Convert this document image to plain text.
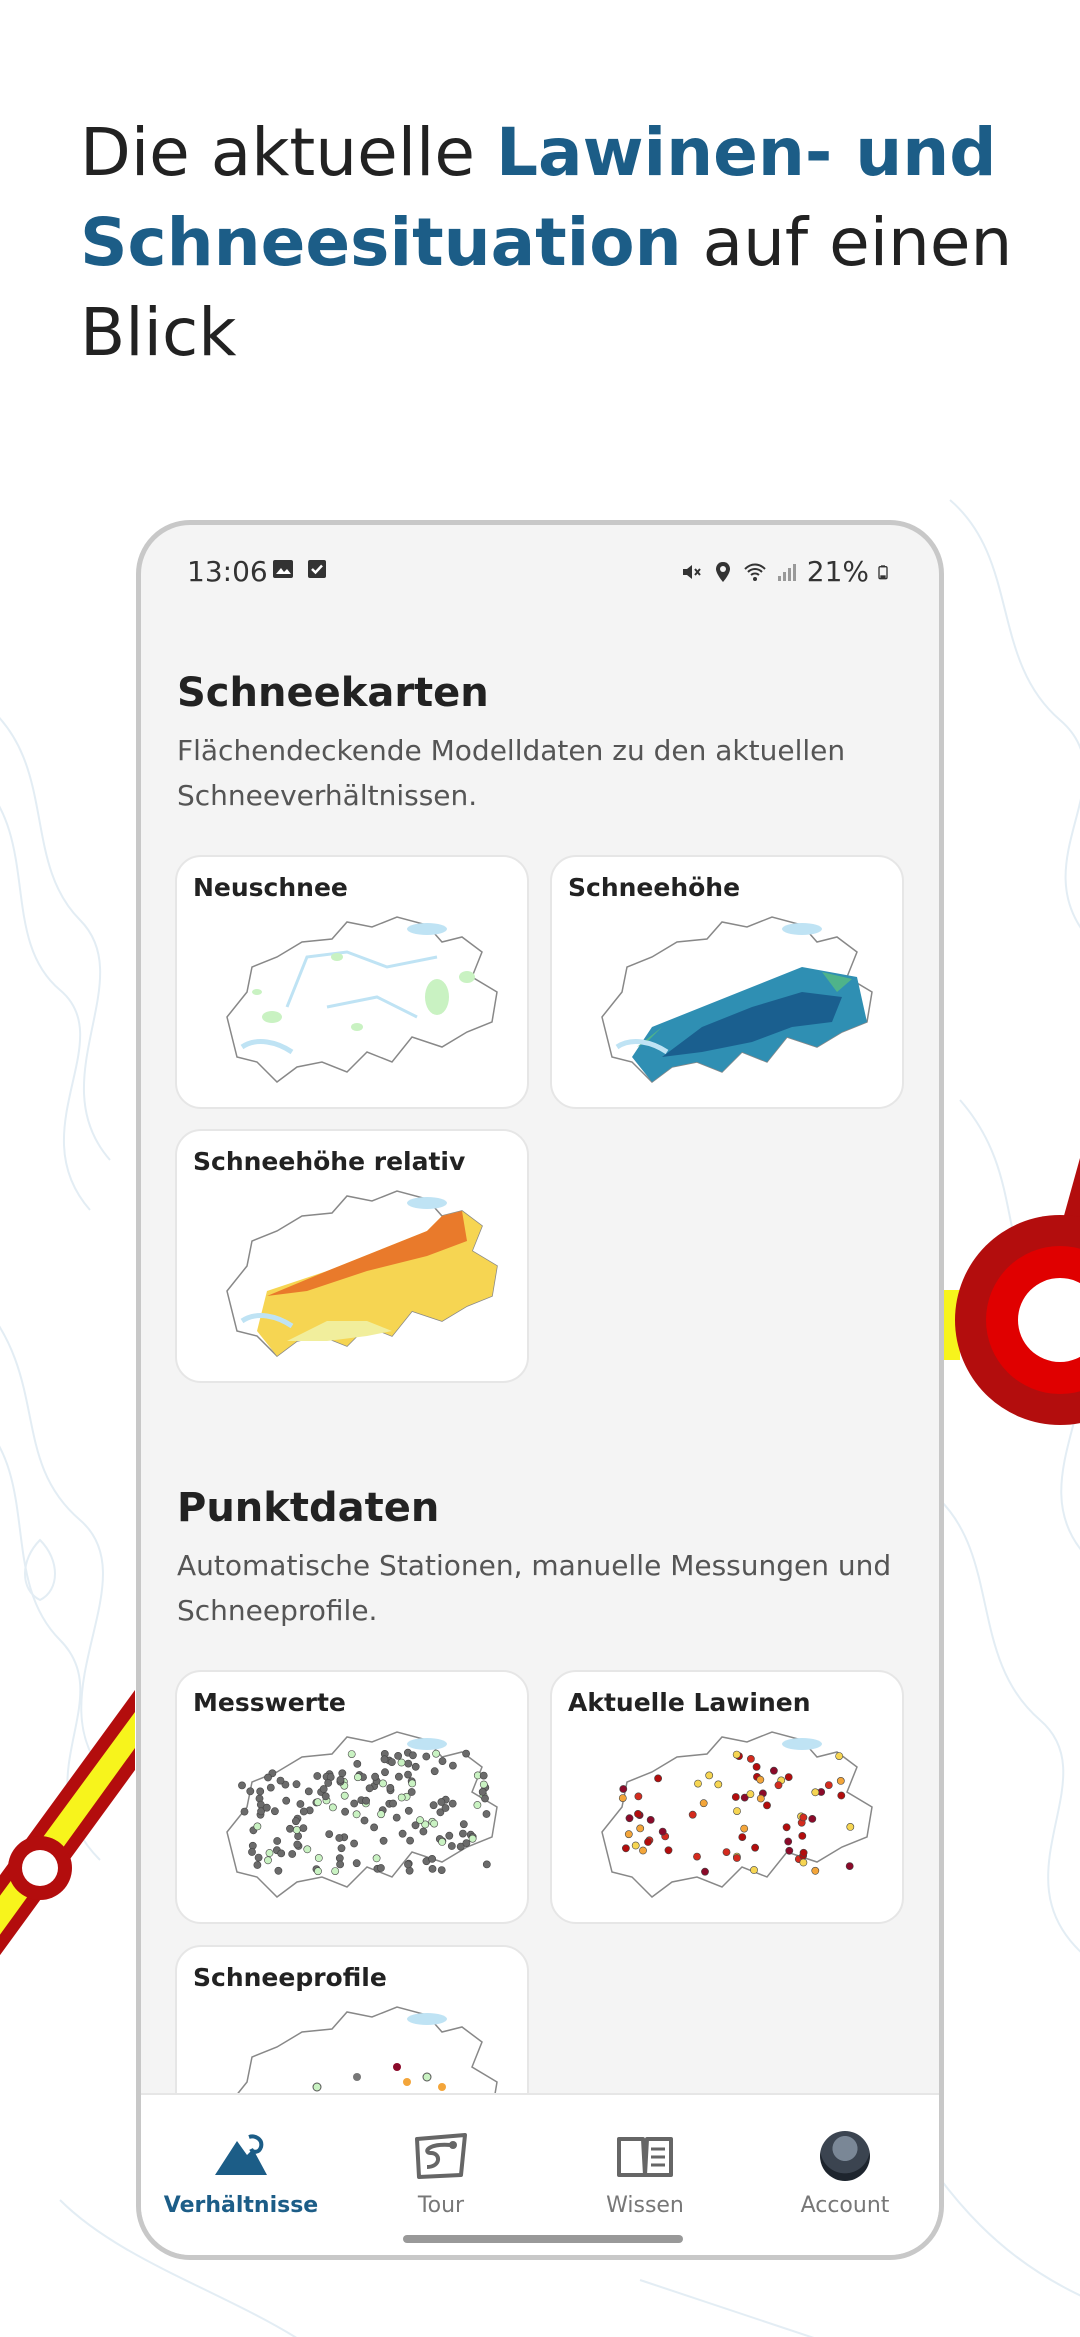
Die aktuelle Lawinen- und Schneesituation auf einen Blick
13:06	21%
Schneekarten
Flächendeckende Modelldaten zu den aktuellen Schneeverhältnissen.
Neuschnee	Schneehöhe
Schneehöhe relativ
Punktdaten
Automatische Stationen, manuelle Messungen und Schneeprofile.
Messwerte	Aktuelle Lawinen
Schneeprofile
Verhältnisse	Tour	Wissen	Account
